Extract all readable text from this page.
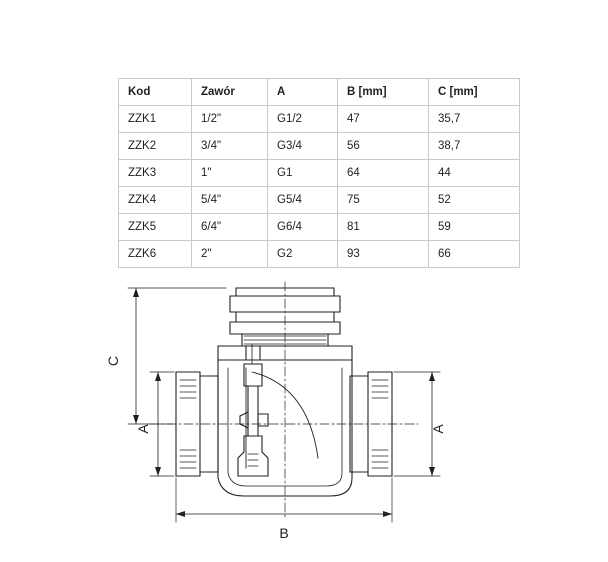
Kod	Zawór	A	B [mm]	C [mm]
ZZK1	1/2"	G1/2	47	35,7
ZZK2	3/4"	G3/4	56	38,7
ZZK3	1"	G1	64	44
ZZK4	5/4"	G5/4	75	52
ZZK5	6/4"	G6/4	81	59
ZZK6	2"	G2	93	66
C
A	A
B
